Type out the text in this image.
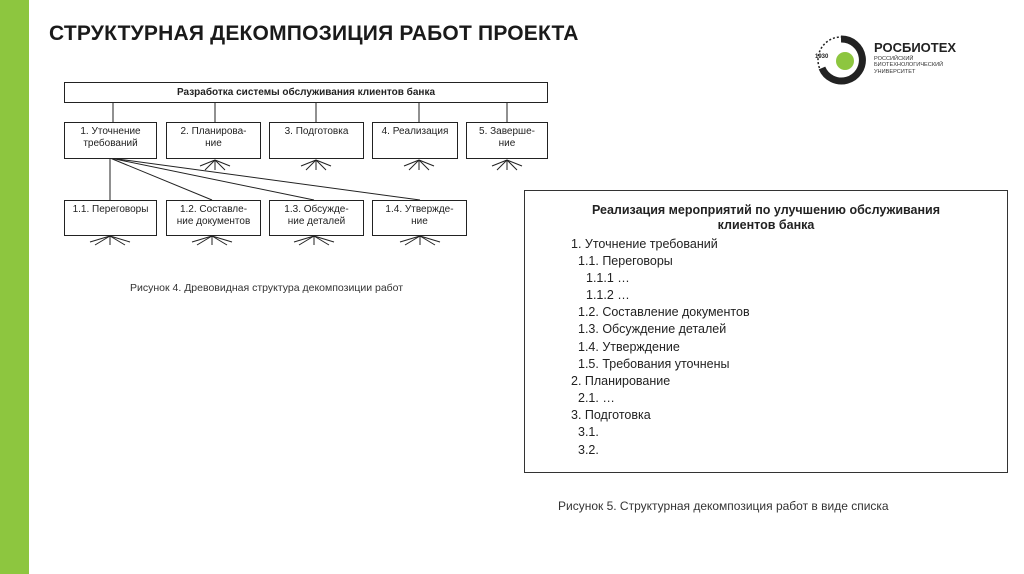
СТРУКТУРНАЯ ДЕКОМПОЗИЦИЯ РАБОТ ПРОЕКТА
1930
РОСБИОТЕХ
РОССИЙСКИЙ БИОТЕХНОЛОГИЧЕСКИЙ УНИВЕРСИТЕТ
Разработка системы обслуживания клиентов банка
1. Уточнение
требований
2. Планирова-
ние
3. Подготовка	4. Реализация	5. Заверше-
ние
1.1. Переговоры	1.2. Составле-
ние документов
1.3. Обсужде-
ние деталей
1.4. Утвержде-
ние
Рисунок 4. Древовидная структура декомпозиции работ
Реализация мероприятий по улучшению обслуживания
клиентов банка
1. Уточнение требований
1.1. Переговоры
1.1.1 …
1.1.2 …
1.2. Составление документов
1.3. Обсуждение деталей
1.4. Утверждение
1.5. Требования уточнены
2. Планирование
2.1. …
3. Подготовка
3.1.
3.2.
Рисунок 5. Структурная декомпозиция работ в виде списка
